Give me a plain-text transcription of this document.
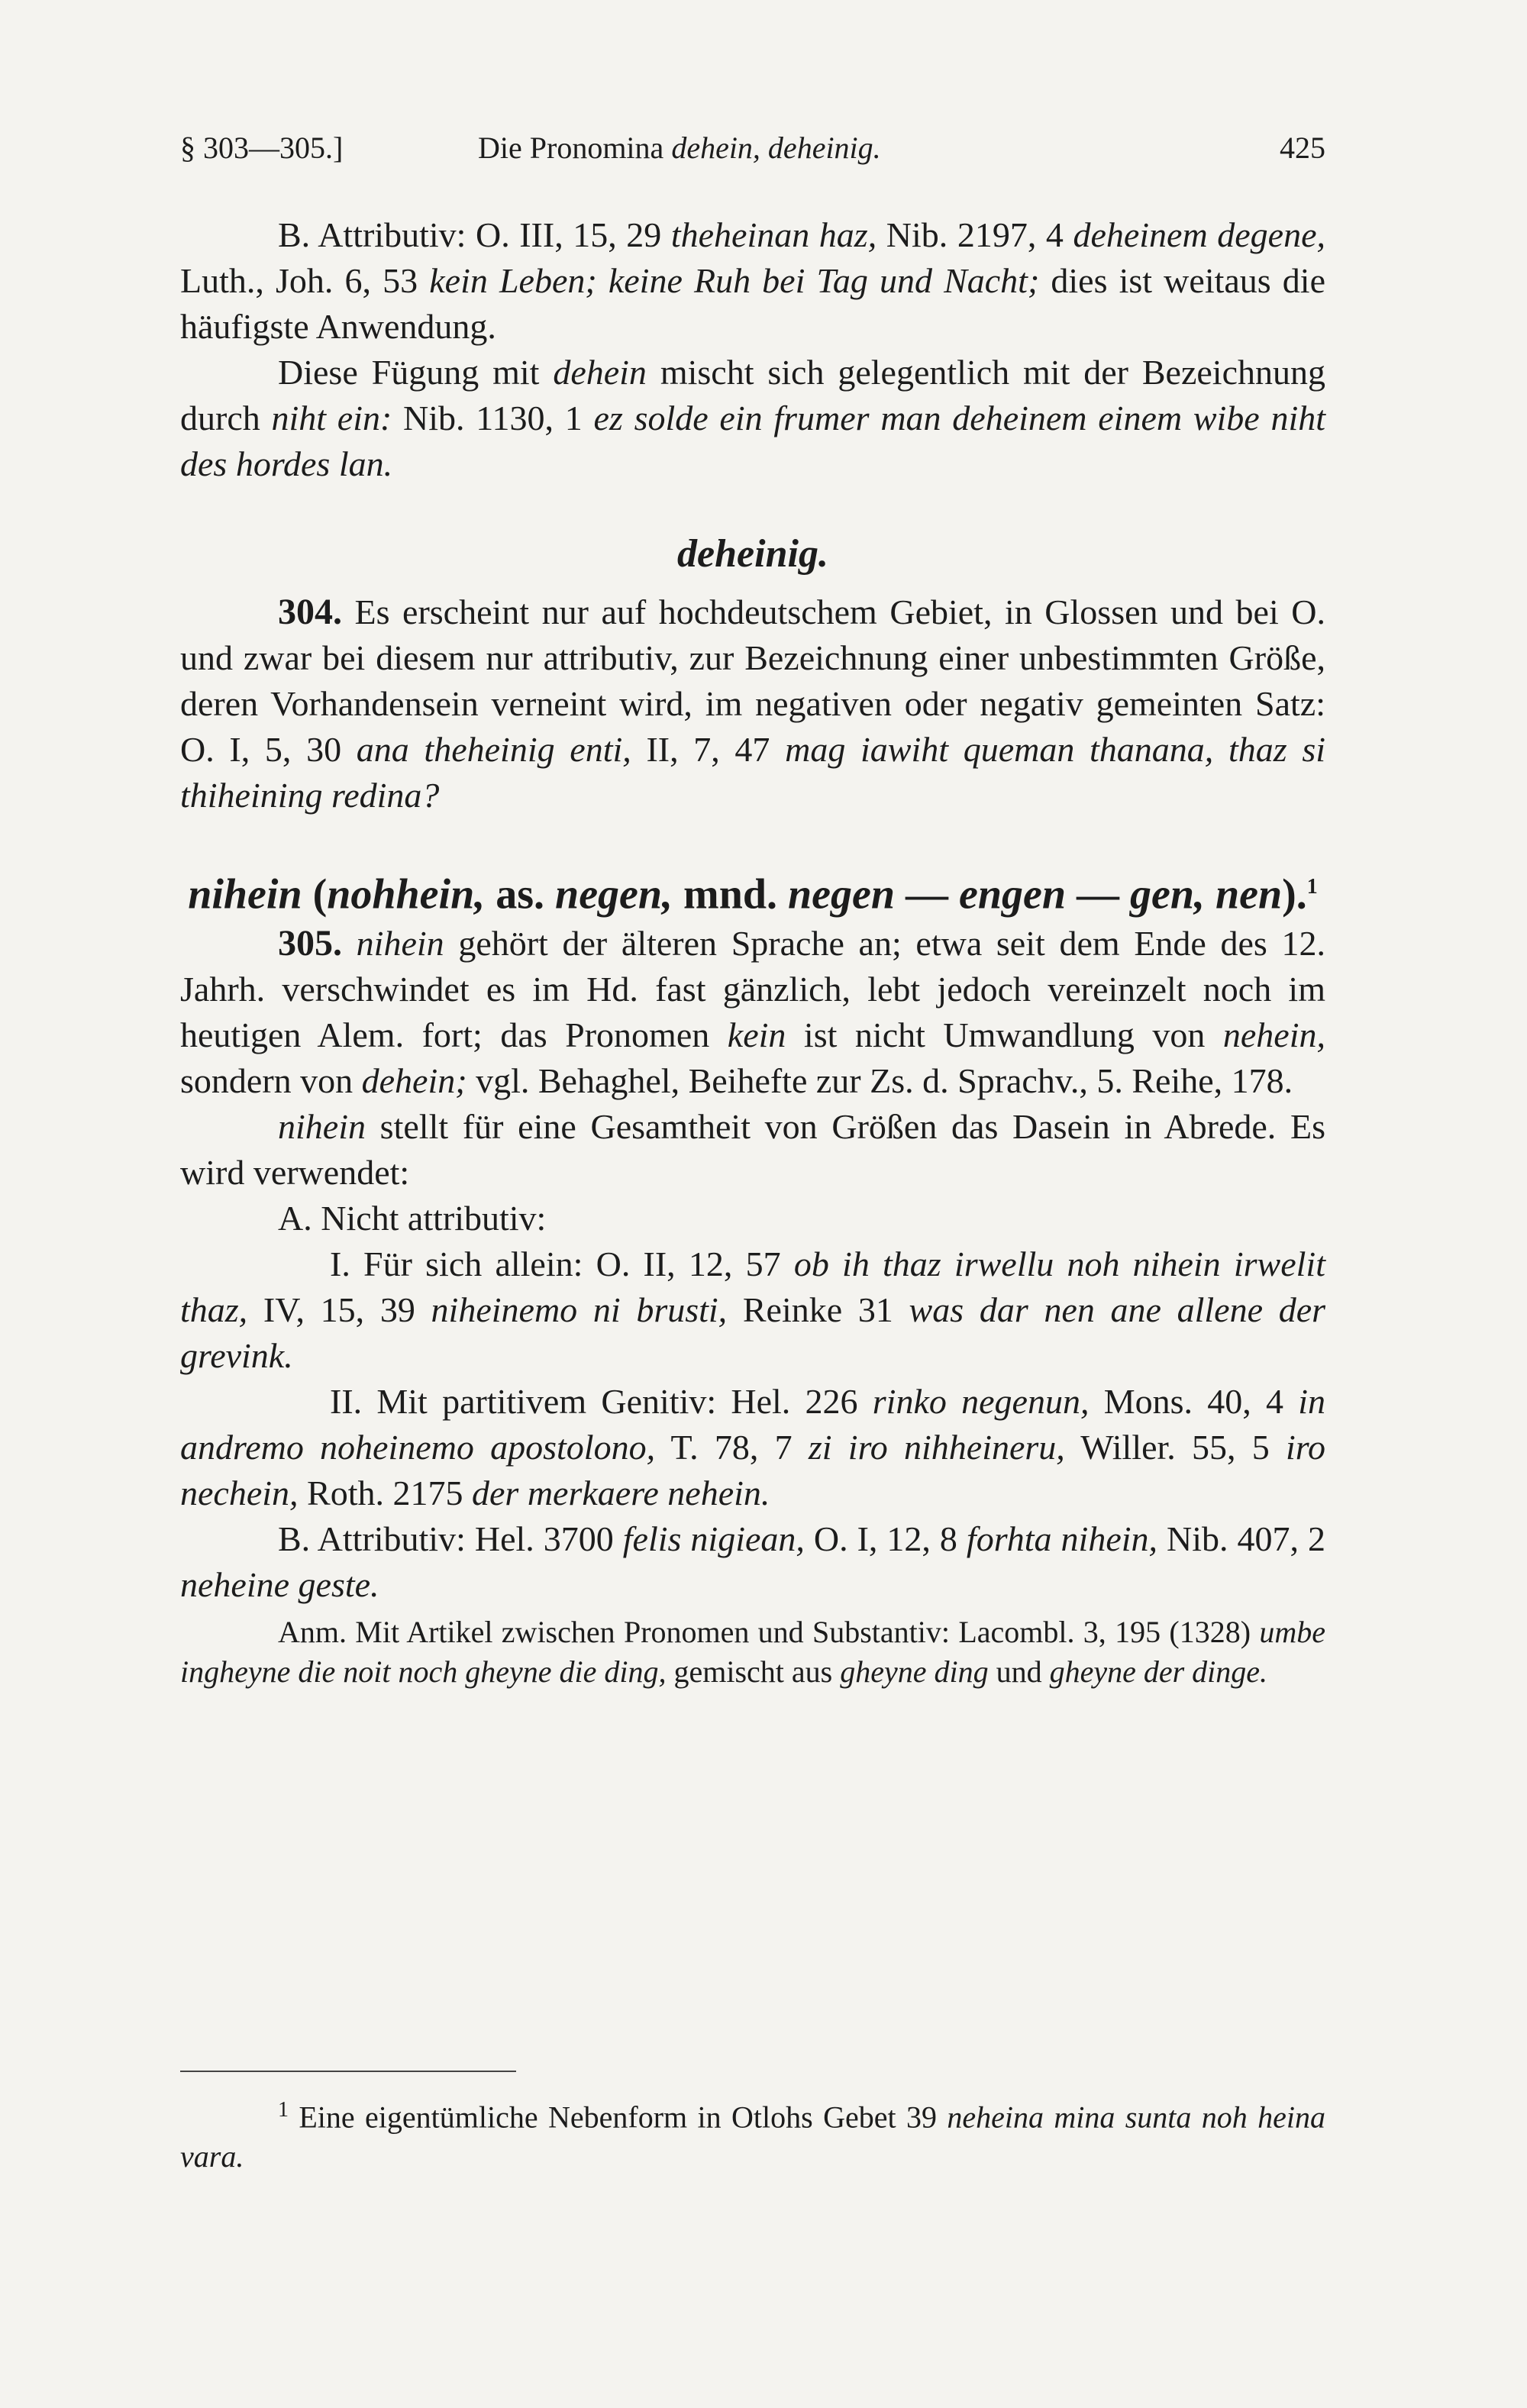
§ 303—305.]	Die Pronomina dehein, deheinig.	425

B. Attributiv: O. III, 15, 29 theheinan haz, Nib. 2197, 4 deheinem degene, Luth., Joh. 6, 53 kein Leben; keine Ruh bei Tag und Nacht; dies ist weitaus die häufigste Anwendung.

Diese Fügung mit dehein mischt sich gelegentlich mit der Bezeichnung durch niht ein: Nib. 1130, 1 ez solde ein frumer man deheinem einem wibe niht des hordes lan.

deheinig.

304. Es erscheint nur auf hochdeutschem Gebiet, in Glossen und bei O. und zwar bei diesem nur attributiv, zur Bezeichnung einer unbestimmten Größe, deren Vorhandensein verneint wird, im negativen oder negativ gemeinten Satz: O. I, 5, 30 ana theheinig enti, II, 7, 47 mag iawiht queman thanana, thaz si thiheining redina?

nihein (nohhein, as. negen, mnd. negen — engen — gen, nen).$^1$

305. nihein gehört der älteren Sprache an; etwa seit dem Ende des 12. Jahrh. verschwindet es im Hd. fast gänzlich, lebt jedoch vereinzelt noch im heutigen Alem. fort; das Pronomen kein ist nicht Umwandlung von nehein, sondern von dehein; vgl. Behaghel, Beihefte zur Zs. d. Sprachv., 5. Reihe, 178.

nihein stellt für eine Gesamtheit von Größen das Dasein in Abrede. Es wird verwendet:

A. Nicht attributiv:

I. Für sich allein: O. II, 12, 57 ob ih thaz irwellu noh nihein irwelit thaz, IV, 15, 39 niheinemo ni brusti, Reinke 31 was dar nen ane allene der grevink.

II. Mit partitivem Genitiv: Hel. 226 rinko negenun, Mons. 40, 4 in andremo noheinemo apostolono, T. 78, 7 zi iro nihheineru, Willer. 55, 5 iro nechein, Roth. 2175 der merkaere nehein.

B. Attributiv: Hel. 3700 felis nigiean, O. I, 12, 8 forhta nihein, Nib. 407, 2 neheine geste.

Anm. Mit Artikel zwischen Pronomen und Substantiv: Lacombl. 3, 195 (1328) umbe ingheyne die noit noch gheyne die ding, gemischt aus gheyne ding und gheyne der dinge.

$^1$ Eine eigentümliche Nebenform in Otlohs Gebet 39 neheina mina sunta noh heina vara.
